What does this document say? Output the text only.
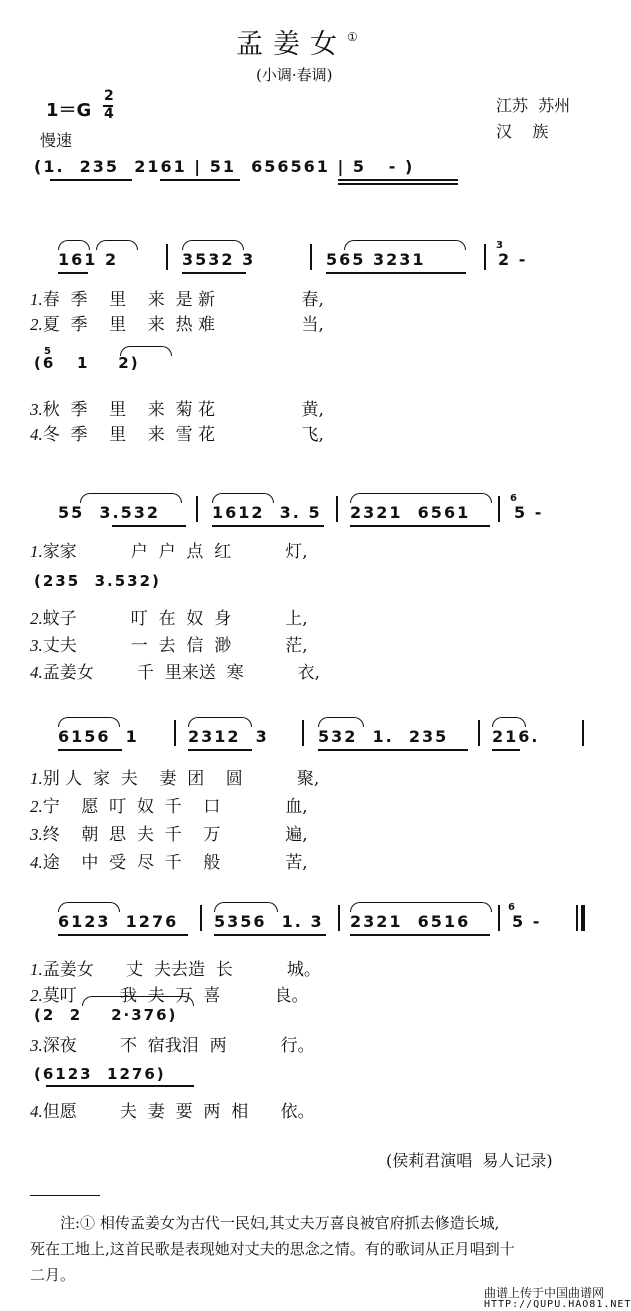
孟姜女①
(小调·春调)
1＝G
2
4
慢速
江苏  苏州
汉    族
(1.  235  2161 | 51  656561 | 5   - )
161 2	3532 3	565 3231	2 -
3
1.春  季    里    来  是 新                春,
2.夏  季    里    来  热 难                当,
(6   1    2)
5
3.秋  季    里    来  菊 花                黄,
4.冬  季    里    来  雪 花                飞,
55  3.532	1612  3. 5 2321  6561	5 -
6
1.家家          户  户  点  红          灯,
(235  3.532)
2.蚊子          叮  在  奴  身          上,
3.丈夫          一  去  信  渺          茫,
4.孟姜女        千  里来送  寒          衣,
6156  1	2312  3	532  1.  235	216.
1.别 人  家  夫    妻  团    圆          聚,
2.宁    愿  叮  奴  千    口            血,
3.终    朝  思  夫  千    万            遍,
4.途    中  受  尽  千    般            苦,
6123  1276 5356  1. 3 2321  6516	5 -
6
1.孟姜女      丈  夫去造  长          城。
2.莫叮        我  夫  万  喜          良。
(2  2    2·376)
3.深夜        不  宿我泪  两          行。
(6123  1276)
4.但愿        夫  妻  要  两  相      依。
(侯莉君演唱  易人记录)
注:① 相传孟姜女为古代一民妇,其丈夫万喜良被官府抓去修造长城,
死在工地上,这首民歌是表现她对丈夫的思念之情。有的歌词从正月唱到十
二月。
曲谱上传于中国曲谱网
HTTP://QUPU.HAO81.NET
